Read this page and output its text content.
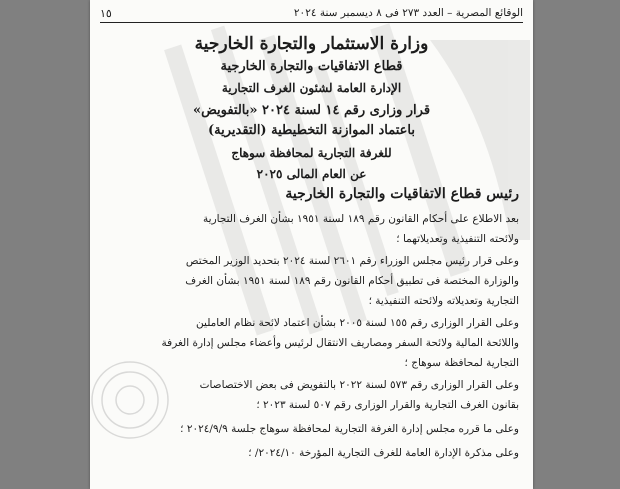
الوقائع المصرية – العدد ٢٧٣ فى ٨ ديسمبر سنة ٢٠٢٤
١٥
وزارة الاستثمار والتجارة الخارجية
قطاع الاتفاقيات والتجارة الخارجية
الإدارة العامة لشئون الغرف التجارية
قرار وزارى رقم ١٤ لسنة ٢٠٢٤ «بالتفويض»
باعتماد الموازنة التخطيطية (التقديرية)
للغرفة التجارية لمحافظة سوهاج
عن العام المالى ٢٠٢٥
رئيس قطاع الاتفاقيات والتجارة الخارجية
بعد الاطلاع على أحكام القانون رقم ١٨٩ لسنة ١٩٥١ بشأن الغرف التجارية
ولائحته التنفيذية وتعديلاتهما ؛
وعلى قرار رئيس مجلس الوزراء رقم ٢٦٠١ لسنة ٢٠٢٤ بتحديد الوزير المختص
والوزارة المختصة فى تطبيق أحكام القانون رقم ١٨٩ لسنة ١٩٥١ بشأن الغرف
التجارية وتعديلاته ولائحته التنفيذية ؛
وعلى القرار الوزارى رقم ١٥٥ لسنة ٢٠٠٥ بشأن اعتماد لائحة نظام العاملين
واللائحة المالية ولائحة السفر ومصاريف الانتقال لرئيس وأعضاء مجلس إدارة الغرفة
التجارية لمحافظة سوهاج ؛
وعلى القرار الوزارى رقم ٥٧٣ لسنة ٢٠٢٢ بالتفويض فى بعض الاختصاصات
بقانون الغرف التجارية والقرار الوزارى رقم ٥٠٧ لسنة ٢٠٢٣ ؛
وعلى ما قرره مجلس إدارة الغرفة التجارية لمحافظة سوهاج جلسة ٢٠٢٤/٩/٩ ؛
وعلى مذكرة الإدارة العامة للغرف التجارية المؤرخة ٢٠٢٤/١٠/ ؛
